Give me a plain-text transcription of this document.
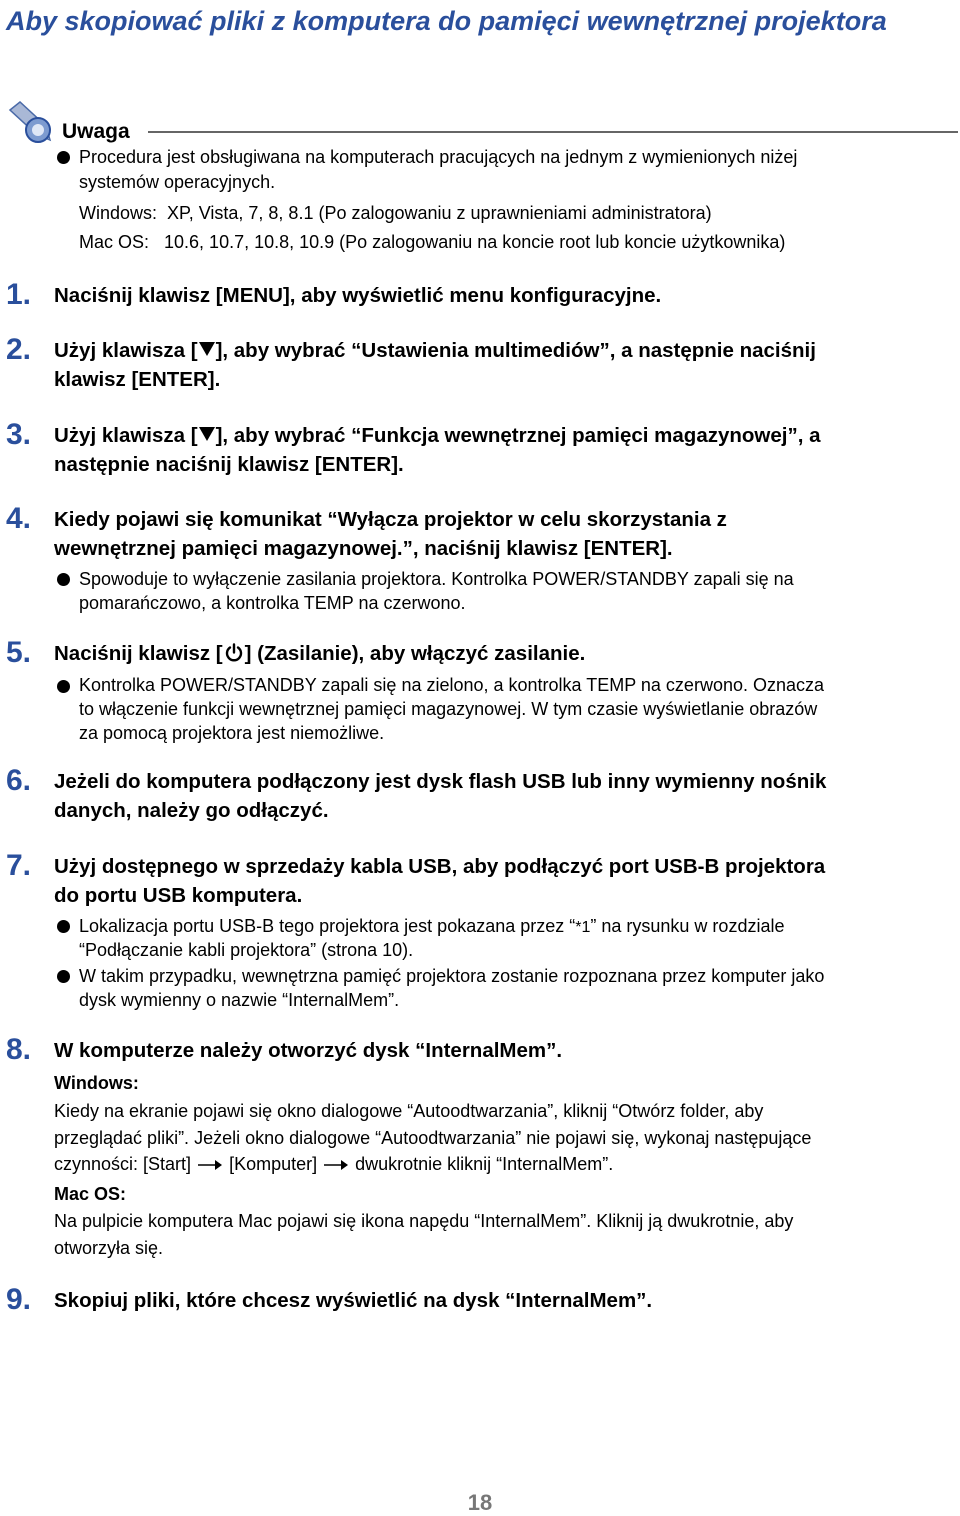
Aby skopiować pliki z komputera do pamięci wewnętrznej projektora
Uwaga
Procedura jest obsługiwana na komputerach pracujących na jednym z wymienionych niżej
systemów operacyjnych.
Windows:  XP, Vista, 7, 8, 8.1 (Po zalogowaniu z uprawnieniami administratora)
Mac OS:   10.6, 10.7, 10.8, 10.9 (Po zalogowaniu na koncie root lub koncie użytkownika)
1.	Naciśnij klawisz [MENU], aby wyświetlić menu konfiguracyjne.
2.	Użyj klawisza [ ], aby wybrać “Ustawienia multimediów”, a następnie naciśnij
klawisz [ENTER].
3.	Użyj klawisza [ ], aby wybrać “Funkcja wewnętrznej pamięci magazynowej”, a
następnie naciśnij klawisz [ENTER].
4.	Kiedy pojawi się komunikat “Wyłącza projektor w celu skorzystania z
wewnętrznej pamięci magazynowej.”, naciśnij klawisz [ENTER].
Spowoduje to wyłączenie zasilania projektora. Kontrolka POWER/STANDBY zapali się na
pomarańczowo, a kontrolka TEMP na czerwono.
5.	Naciśnij klawisz [ ] (Zasilanie), aby włączyć zasilanie.
Kontrolka POWER/STANDBY zapali się na zielono, a kontrolka TEMP na czerwono. Oznacza
to włączenie funkcji wewnętrznej pamięci magazynowej. W tym czasie wyświetlanie obrazów
za pomocą projektora jest niemożliwe.
6.	Jeżeli do komputera podłączony jest dysk flash USB lub inny wymienny nośnik
danych, należy go odłączyć.
7.	Użyj dostępnego w sprzedaży kabla USB, aby podłączyć port USB-B projektora
do portu USB komputera.
Lokalizacja portu USB-B tego projektora jest pokazana przez “*1” na rysunku w rozdziale
“Podłączanie kabli projektora” (strona 10).
W takim przypadku, wewnętrzna pamięć projektora zostanie rozpoznana przez komputer jako
dysk wymienny o nazwie “InternalMem”.
8.	W komputerze należy otworzyć dysk “InternalMem”.
Windows:
Kiedy na ekranie pojawi się okno dialogowe “Autoodtwarzania”, kliknij “Otwórz folder, aby
przeglądać pliki”. Jeżeli okno dialogowe “Autoodtwarzania” nie pojawi się, wykonaj następujące
czynności: [Start] [Komputer] dwukrotnie kliknij “InternalMem”.
Mac OS:
Na pulpicie komputera Mac pojawi się ikona napędu “InternalMem”. Kliknij ją dwukrotnie, aby
otworzyła się.
9.	Skopiuj pliki, które chcesz wyświetlić na dysk “InternalMem”.
18
